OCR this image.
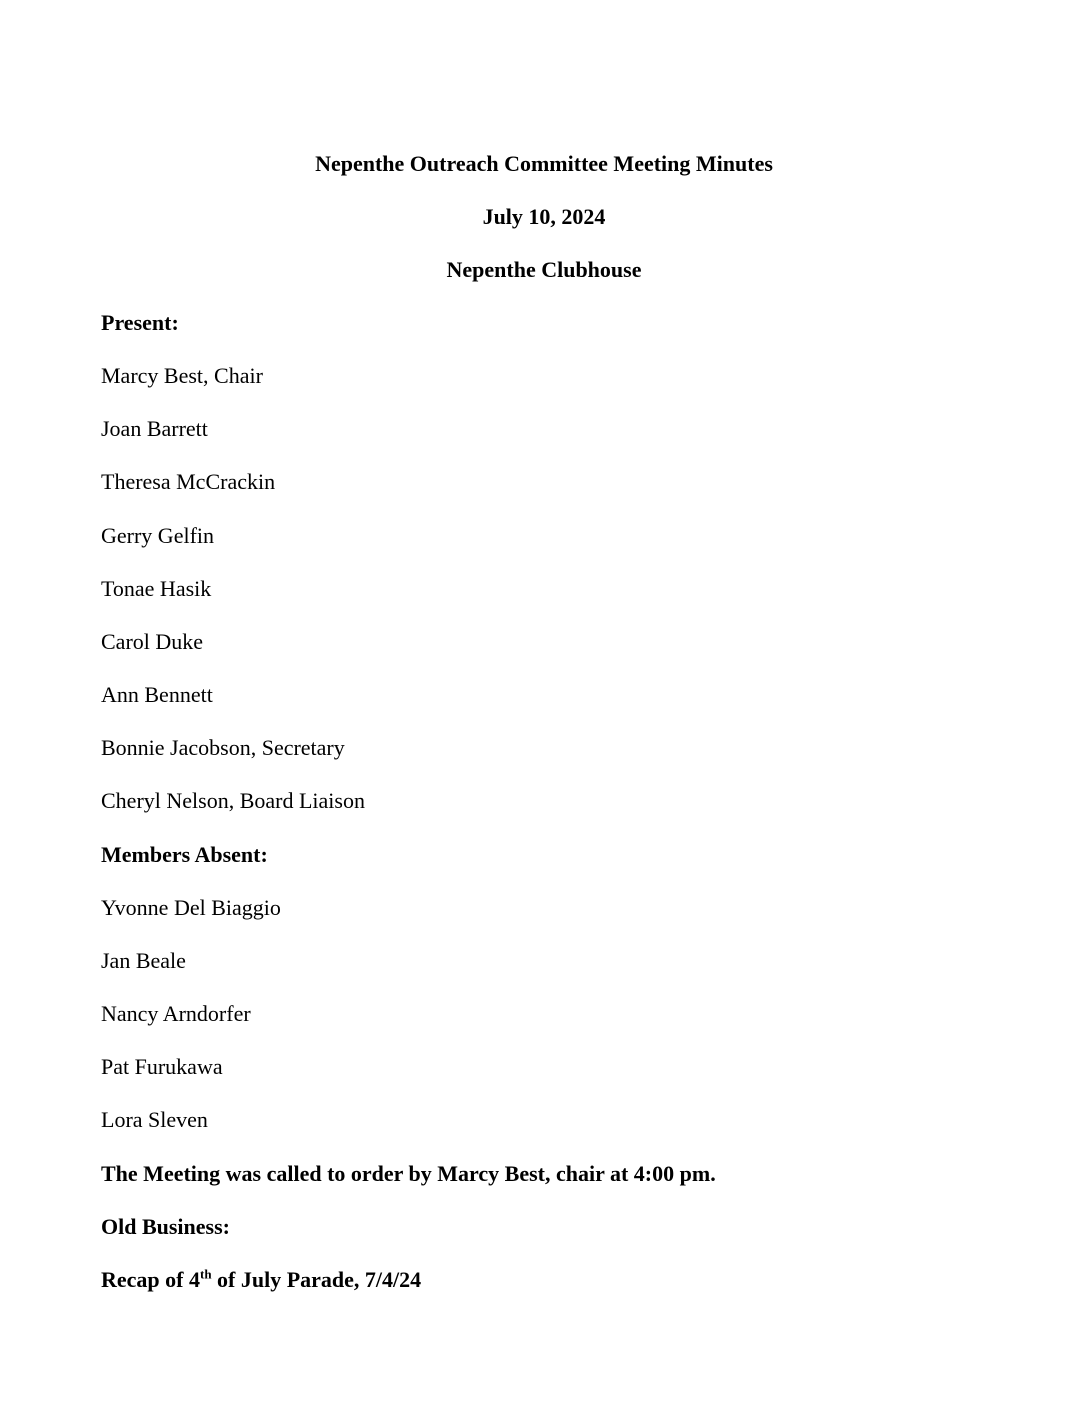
Nepenthe Outreach Committee Meeting Minutes
July 10, 2024
Nepenthe Clubhouse
Present:
Marcy Best, Chair
Joan Barrett
Theresa McCrackin
Gerry Gelfin
Tonae Hasik
Carol Duke
Ann Bennett
Bonnie Jacobson, Secretary
Cheryl Nelson, Board Liaison
Members Absent:
Yvonne Del Biaggio
Jan Beale
Nancy Arndorfer
Pat Furukawa
Lora Sleven
The Meeting was called to order by Marcy Best, chair at 4:00 pm.
Old Business:
Recap of 4th of July Parade, 7/4/24
